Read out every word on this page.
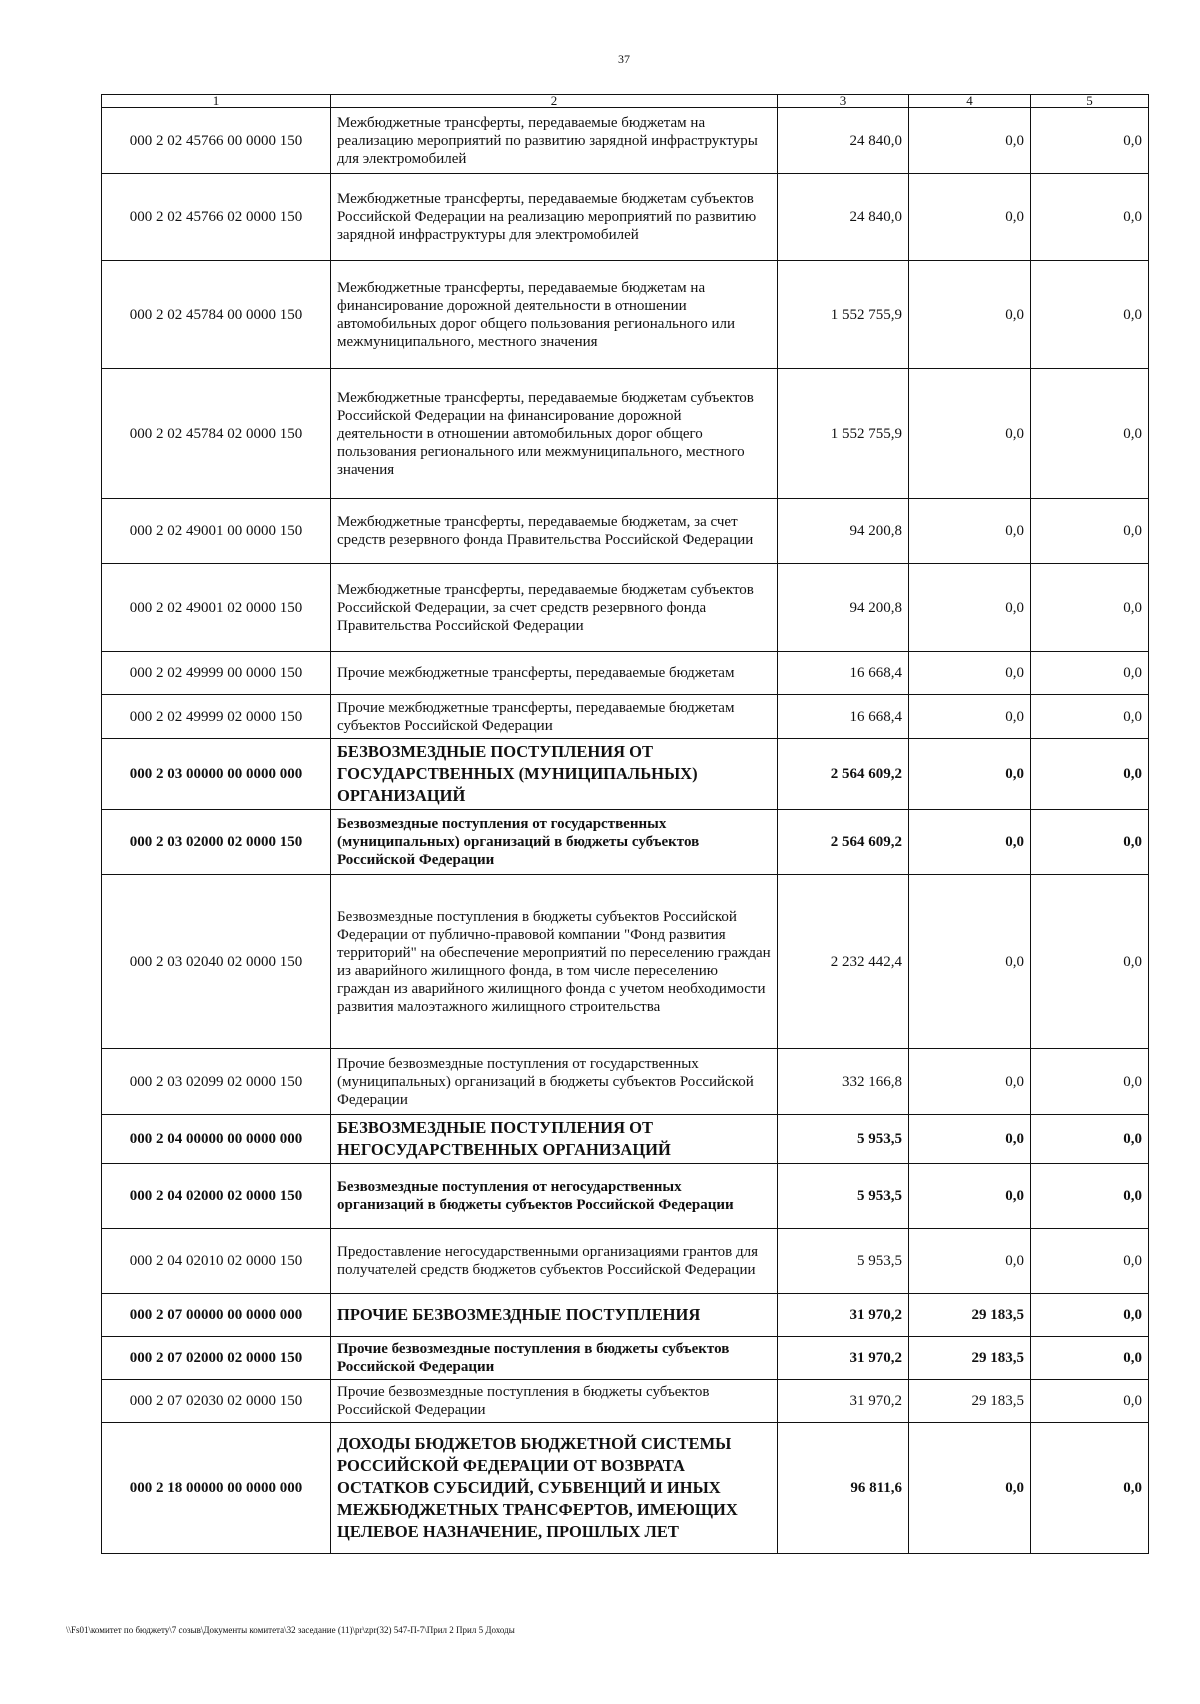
37
1	2	3	4	5
000 2 02 45766 00 0000 150	Межбюджетные трансферты, передаваемые бюджетам на реализацию мероприятий по развитию зарядной инфраструктуры для электромобилей	24 840,0	0,0	0,0
000 2 02 45766 02 0000 150	Межбюджетные трансферты, передаваемые бюджетам субъектов Российской Федерации на реализацию мероприятий по развитию зарядной инфраструктуры для электромобилей	24 840,0	0,0	0,0
000 2 02 45784 00 0000 150	Межбюджетные трансферты, передаваемые бюджетам на финансирование дорожной деятельности в отношении автомобильных дорог общего пользования регионального или межмуниципального, местного значения	1 552 755,9	0,0	0,0
000 2 02 45784 02 0000 150	Межбюджетные трансферты, передаваемые бюджетам субъектов Российской Федерации на финансирование дорожной деятельности в отношении автомобильных дорог общего пользования регионального или межмуниципального, местного значения	1 552 755,9	0,0	0,0
000 2 02 49001 00 0000 150	Межбюджетные трансферты, передаваемые бюджетам, за счет средств резервного фонда Правительства Российской Федерации	94 200,8	0,0	0,0
000 2 02 49001 02 0000 150	Межбюджетные трансферты, передаваемые бюджетам субъектов Российской Федерации, за счет средств резервного фонда Правительства Российской Федерации	94 200,8	0,0	0,0
000 2 02 49999 00 0000 150	Прочие межбюджетные трансферты, передаваемые бюджетам	16 668,4	0,0	0,0
000 2 02 49999 02 0000 150	Прочие межбюджетные трансферты, передаваемые бюджетам субъектов Российской Федерации	16 668,4	0,0	0,0
000 2 03 00000 00 0000 000	БЕЗВОЗМЕЗДНЫЕ ПОСТУПЛЕНИЯ ОТ ГОСУДАРСТВЕННЫХ (МУНИЦИПАЛЬНЫХ) ОРГАНИЗАЦИЙ	2 564 609,2	0,0	0,0
000 2 03 02000 02 0000 150	Безвозмездные поступления от государственных (муниципальных) организаций в бюджеты субъектов Российской Федерации	2 564 609,2	0,0	0,0
000 2 03 02040 02 0000 150	Безвозмездные поступления в бюджеты субъектов Российской Федерации от публично-правовой компании "Фонд развития территорий" на обеспечение мероприятий по переселению граждан из аварийного жилищного фонда, в том числе переселению граждан из аварийного жилищного фонда с учетом необходимости развития малоэтажного жилищного строительства	2 232 442,4	0,0	0,0
000 2 03 02099 02 0000 150	Прочие безвозмездные поступления от государственных (муниципальных) организаций в бюджеты субъектов Российской Федерации	332 166,8	0,0	0,0
000 2 04 00000 00 0000 000	БЕЗВОЗМЕЗДНЫЕ ПОСТУПЛЕНИЯ ОТ НЕГОСУДАРСТВЕННЫХ ОРГАНИЗАЦИЙ	5 953,5	0,0	0,0
000 2 04 02000 02 0000 150	Безвозмездные поступления от негосударственных организаций в бюджеты субъектов Российской Федерации	5 953,5	0,0	0,0
000 2 04 02010 02 0000 150	Предоставление негосударственными организациями грантов для получателей средств бюджетов субъектов Российской Федерации	5 953,5	0,0	0,0
000 2 07 00000 00 0000 000	ПРОЧИЕ БЕЗВОЗМЕЗДНЫЕ ПОСТУПЛЕНИЯ	31 970,2	29 183,5	0,0
000 2 07 02000 02 0000 150	Прочие безвозмездные поступления в бюджеты субъектов Российской Федерации	31 970,2	29 183,5	0,0
000 2 07 02030 02 0000 150	Прочие безвозмездные поступления в бюджеты субъектов Российской Федерации	31 970,2	29 183,5	0,0
000 2 18 00000 00 0000 000	ДОХОДЫ БЮДЖЕТОВ БЮДЖЕТНОЙ СИСТЕМЫ РОССИЙСКОЙ ФЕДЕРАЦИИ ОТ ВОЗВРАТА ОСТАТКОВ СУБСИДИЙ, СУБВЕНЦИЙ И ИНЫХ МЕЖБЮДЖЕТНЫХ ТРАНСФЕРТОВ, ИМЕЮЩИХ ЦЕЛЕВОЕ НАЗНАЧЕНИЕ, ПРОШЛЫХ ЛЕТ	96 811,6	0,0	0,0
\\Fs01\комитет по бюджету\7 созыв\Документы комитета\32 заседание (11)\pr\zpr(32) 547-П-7\Прил 2 Прил 5 Доходы
